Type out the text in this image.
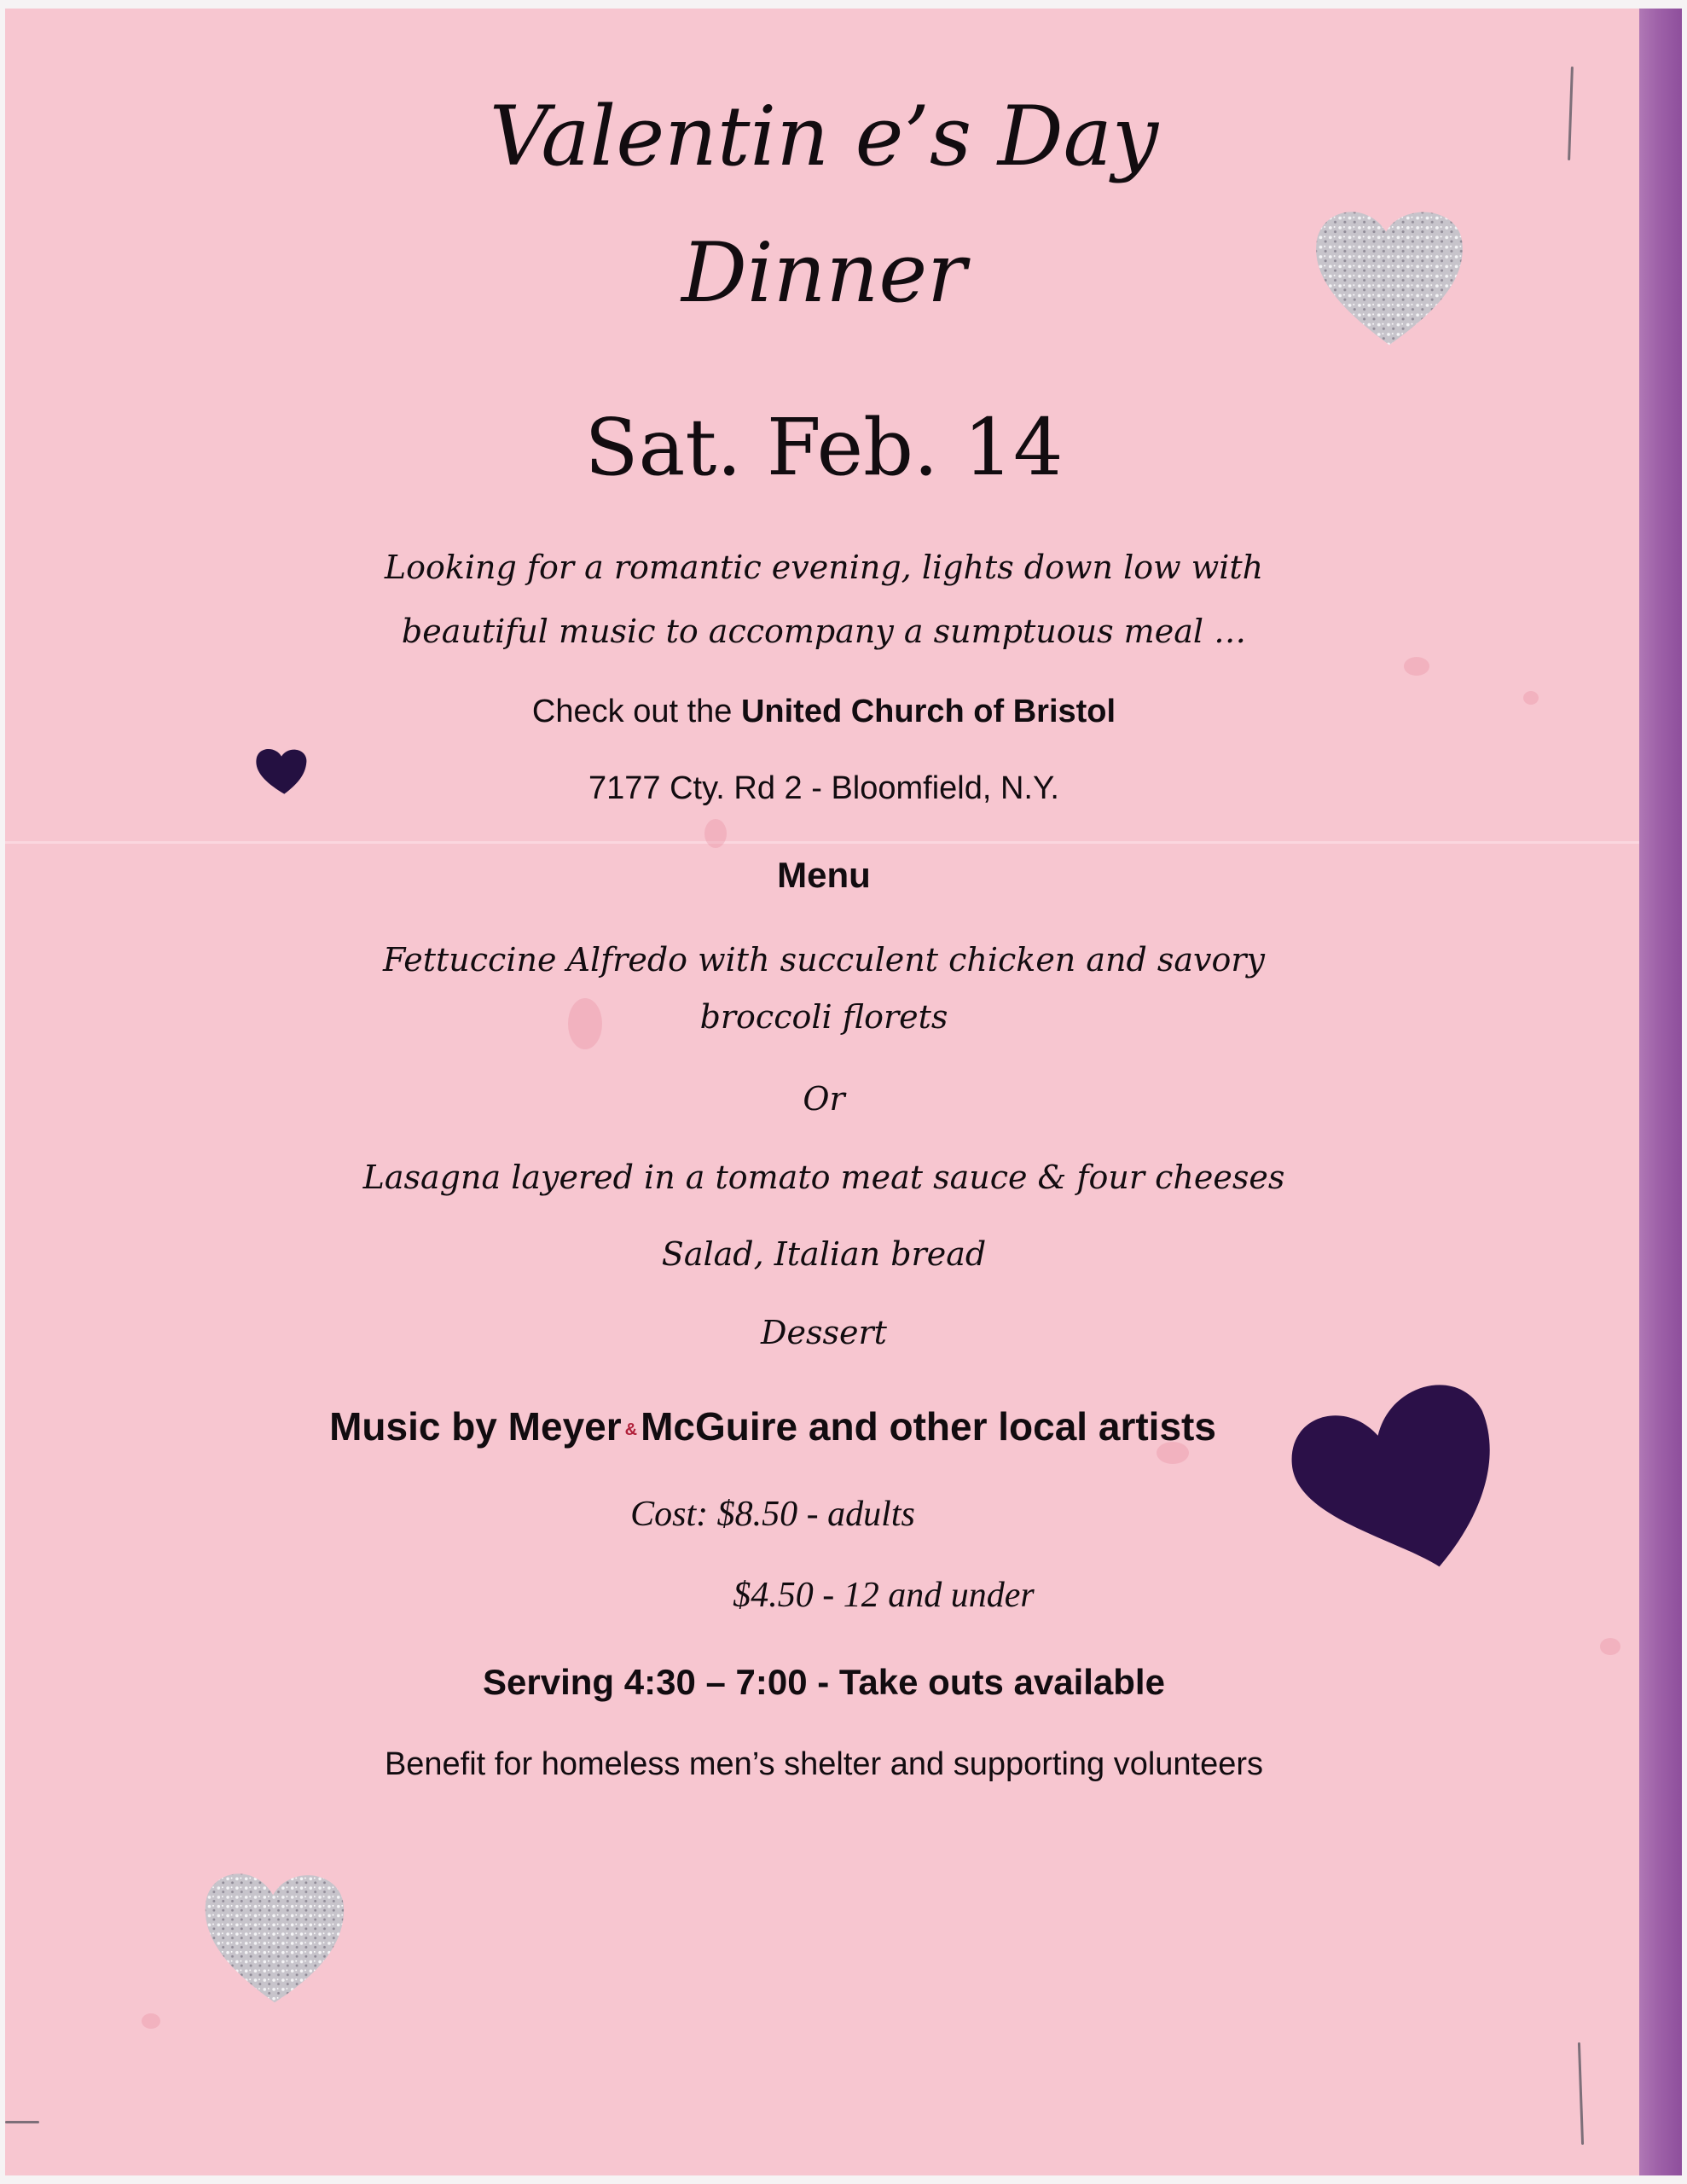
Valentin e’s Day
Dinner
Sat. Feb. 14
Looking for a romantic evening, lights down low with
beautiful music to accompany a sumptuous meal …
Check out the United Church of Bristol
7177 Cty. Rd 2 - Bloomfield, N.Y.
Menu
Fettuccine Alfredo with succulent chicken and savory
broccoli florets
Or
Lasagna layered in a tomato meat sauce & four cheeses
Salad, Italian bread
Dessert
Music by Meyer &McGuire and other local artists
Cost: $8.50 - adults
$4.50 - 12 and under
Serving 4:30 – 7:00 - Take outs available
Benefit for homeless men’s shelter and supporting volunteers
